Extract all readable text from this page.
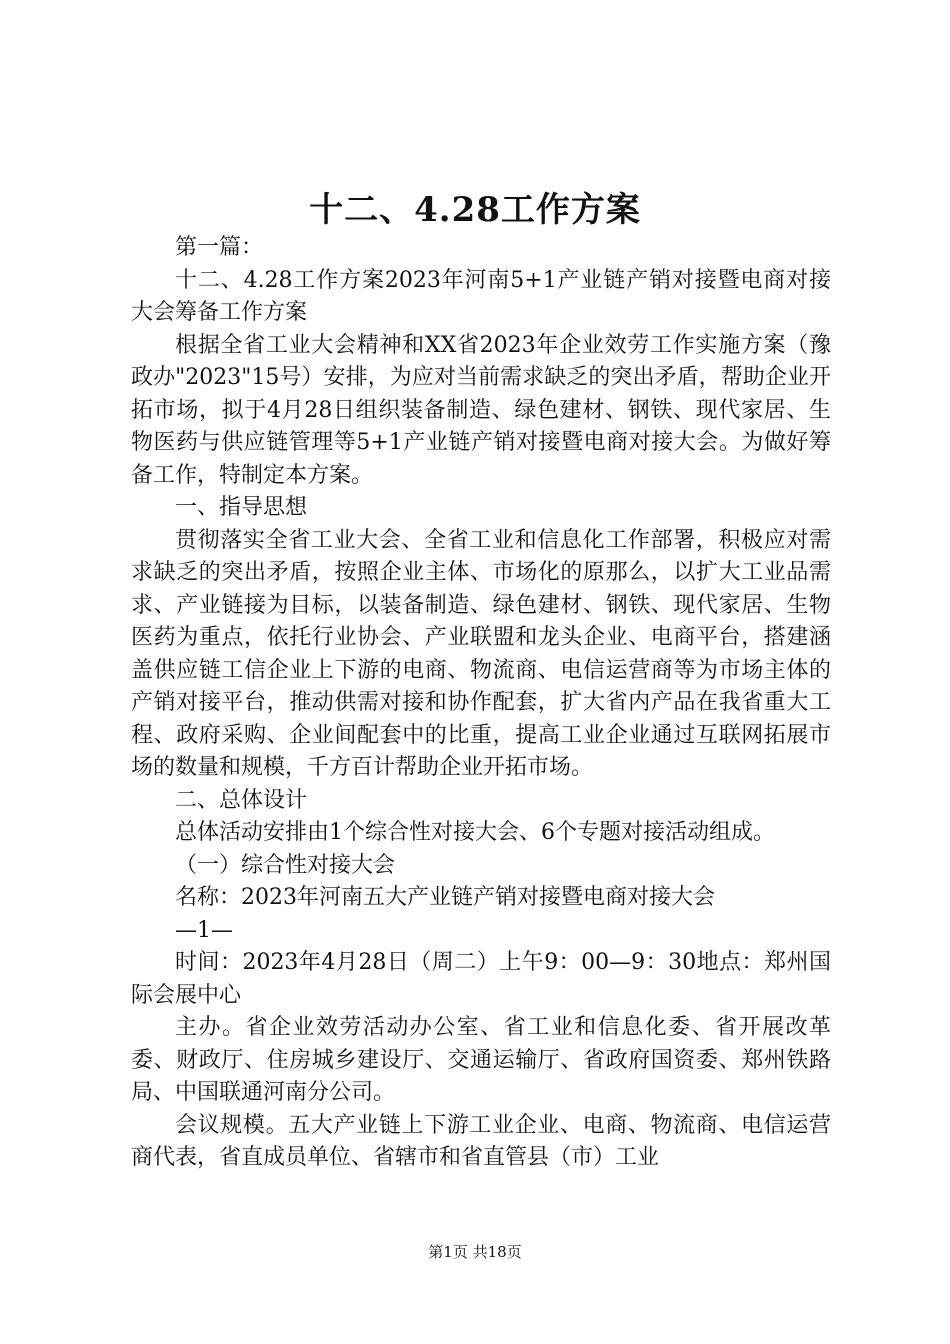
十二、4.28工作方案

第一篇：

十二、4.28工作方案2023年河南5+1产业链产销对接暨电商对接大会筹备工作方案

根据全省工业大会精神和XX省2023年企业效劳工作实施方案（豫政办"2023"15号）安排，为应对当前需求缺乏的突出矛盾，帮助企业开拓市场，拟于4月28日组织装备制造、绿色建材、钢铁、现代家居、生物医药与供应链管理等5+1产业链产销对接暨电商对接大会。为做好筹备工作，特制定本方案。

一、指导思想

贯彻落实全省工业大会、全省工业和信息化工作部署，积极应对需求缺乏的突出矛盾，按照企业主体、市场化的原那么，以扩大工业品需求、产业链接为目标，以装备制造、绿色建材、钢铁、现代家居、生物医药为重点，依托行业协会、产业联盟和龙头企业、电商平台，搭建涵盖供应链工信企业上下游的电商、物流商、电信运营商等为市场主体的产销对接平台，推动供需对接和协作配套，扩大省内产品在我省重大工程、政府采购、企业间配套中的比重，提高工业企业通过互联网拓展市场的数量和规模，千方百计帮助企业开拓市场。

二、总体设计

总体活动安排由1个综合性对接大会、6个专题对接活动组成。

（一）综合性对接大会

名称：2023年河南五大产业链产销对接暨电商对接大会

—1—

时间：2023年4月28日（周二）上午9：00—9：30地点：郑州国际会展中心

主办。省企业效劳活动办公室、省工业和信息化委、省开展改革委、财政厅、住房城乡建设厅、交通运输厅、省政府国资委、郑州铁路局、中国联通河南分公司。

会议规模。五大产业链上下游工业企业、电商、物流商、电信运营商代表，省直成员单位、省辖市和省直管县（市）工业

第1页 共18页
